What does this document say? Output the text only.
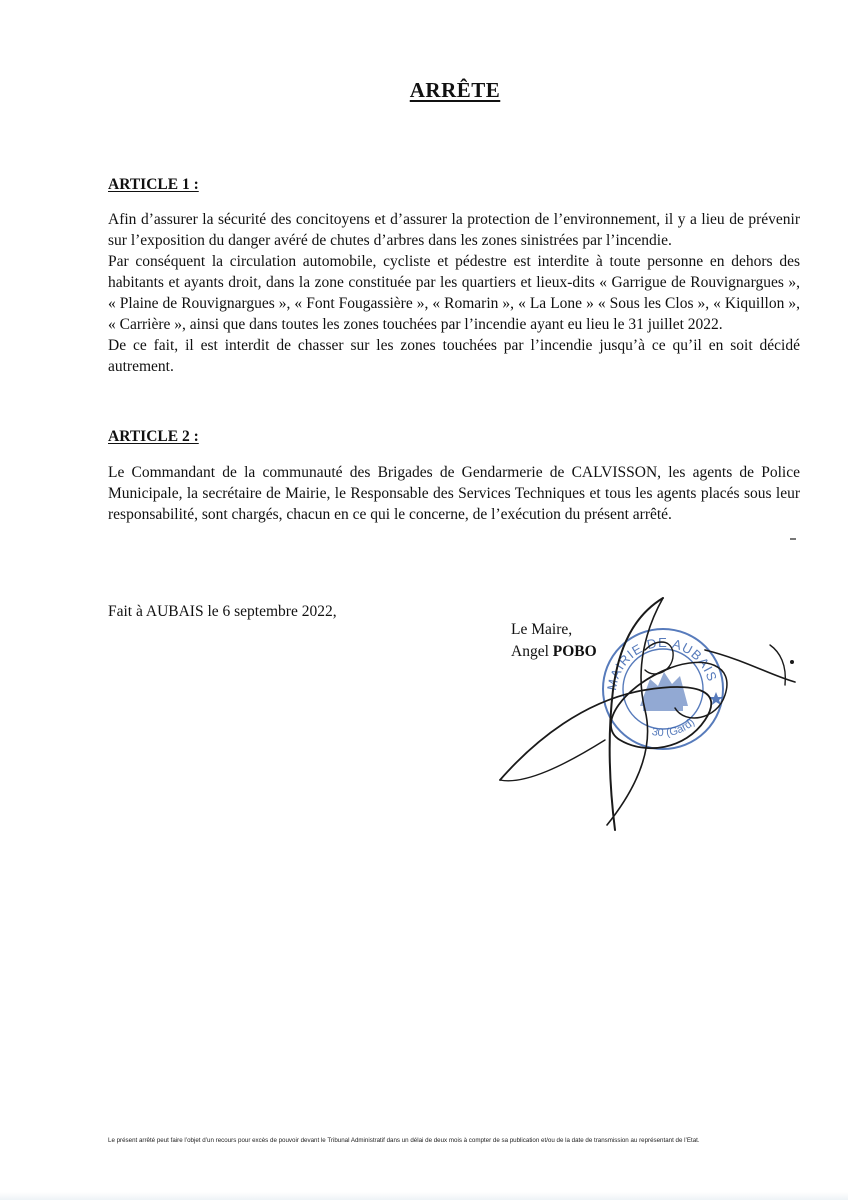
ARRÊTE
ARTICLE 1 :

Afin d’assurer la sécurité des concitoyens et d’assurer la protection de l’environnement, il y a lieu de prévenir sur l’exposition du danger avéré de chutes d’arbres dans les zones sinistrées par l’incendie.

Par conséquent la circulation automobile, cycliste et pédestre est interdite à toute personne en dehors des habitants et ayants droit, dans la zone constituée par les quartiers et lieux-dits « Garrigue de Rouvignargues », « Plaine de Rouvignargues », « Font Fougassière », « Romarin », « La Lone » « Sous les Clos », « Kiquillon », « Carrière », ainsi que dans toutes les zones touchées par l’incendie ayant eu lieu le 31 juillet 2022.

De ce fait, il est interdit de chasser sur les zones touchées par l’incendie jusqu’à ce qu’il en soit décidé autrement.

ARTICLE 2 :

Le Commandant de la communauté des Brigades de Gendarmerie de CALVISSON, les agents de Police Municipale, la secrétaire de Mairie, le Responsable des Services Techniques et tous les agents placés sous leur responsabilité, sont chargés, chacun en ce qui le concerne, de l’exécution du présent arrêté.

Fait à AUBAIS le 6 septembre 2022,
MAIRIE DE AUBAIS
30 (Gard)
Le Maire,
Angel POBO
Le présent arrêté peut faire l’objet d’un recours pour excès de pouvoir devant le Tribunal Administratif dans un délai de deux mois à compter de sa publication et/ou de la date de transmission au représentant de l’Etat.
